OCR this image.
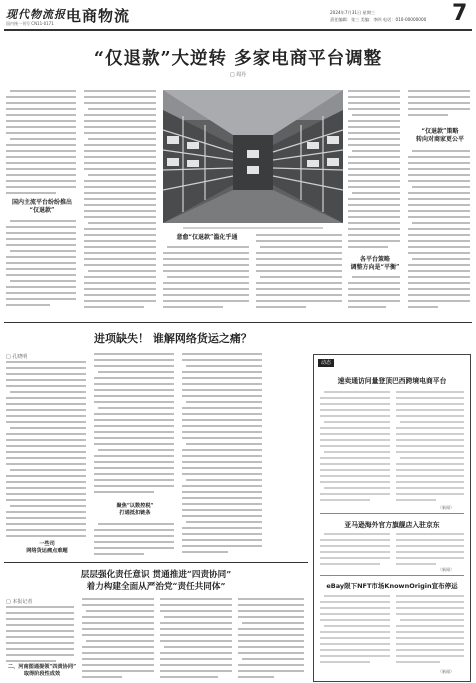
现代物流报
国内统一刊号 CN11-0171 电商物流	2024年7月31日 星期三
责任编辑：张三 美编：李四 电话：010-00000000 7
“仅退款”大逆转 多家电商平台调整
□ 周丹
国内主流平台纷纷推出
“仅退款”
意愈“仅退款”滥化乎通
各平台策略
调整方向是“平衡”
“仅退款”策略
转向对商家更公平
进项缺失！ 谁解网络货运之痛？
□ 孔晓明
一些司
网络货运痛点难题
聚焦“以数控税”
打通抵扣链条
动态
速卖通访问量登顶巴西跨境电商平台
（新闻）
亚马逊海外官方旗舰店入驻京东
（新闻）
eBay限下NFT市场KnownOrigin宣布停运
（新闻）
层层强化责任意识 贯通推进“四责协同”
着力构建全面从严治党“责任共同体”
□ 本报记者
二、河南图通提领“四责协同”
取得阶段性成效
